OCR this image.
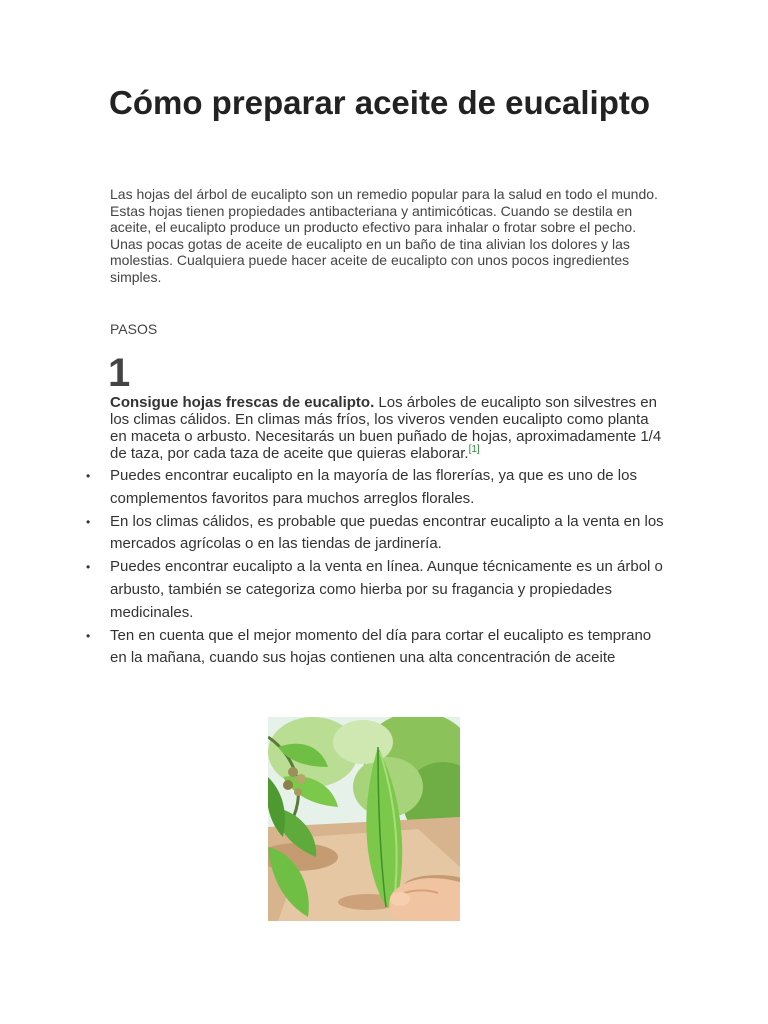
Cómo preparar aceite de eucalipto

Las hojas del árbol de eucalipto son un remedio popular para la salud en todo el mundo. Estas hojas tienen propiedades antibacteriana y antimicóticas. Cuando se destila en aceite, el eucalipto produce un producto efectivo para inhalar o frotar sobre el pecho. Unas pocas gotas de aceite de eucalipto en un baño de tina alivian los dolores y las molestias. Cualquiera puede hacer aceite de eucalipto con unos pocos ingredientes simples.

PASOS

1

Consigue hojas frescas de eucalipto. Los árboles de eucalipto son silvestres en los climas cálidos. En climas más fríos, los viveros venden eucalipto como planta en maceta o arbusto. Necesitarás un buen puñado de hojas, aproximadamente 1/4 de taza, por cada taza de aceite que quieras elaborar.[1]

• Puedes encontrar eucalipto en la mayoría de las florerías, ya que es uno de los complementos favoritos para muchos arreglos florales.
• En los climas cálidos, es probable que puedas encontrar eucalipto a la venta en los mercados agrícolas o en las tiendas de jardinería.
• Puedes encontrar eucalipto a la venta en línea. Aunque técnicamente es un árbol o arbusto, también se categoriza como hierba por su fragancia y propiedades medicinales.
• Ten en cuenta que el mejor momento del día para cortar el eucalipto es temprano en la mañana, cuando sus hojas contienen una alta concentración de aceite
